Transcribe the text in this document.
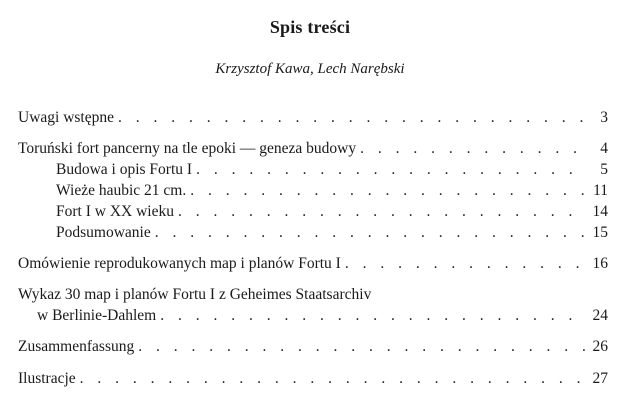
Spis treści
Krzysztof Kawa, Lech Narębski
Uwagi wstępne . . .	3
Toruński fort pancerny na tle epoki — geneza budowy . . .	4
Budowa i opis Fortu I . . .	5
Wieże haubic 21 cm. . . .	11
Fort I w XX wieku . . .	14
Podsumowanie . . .	15
Omówienie reprodukowanych map i planów Fortu I . . .	16
Wykaz 30 map i planów Fortu I z Geheimes Staatsarchiv
w Berlinie-Dahlem . . .	24
Zusammenfassung . . .	26
Ilustracje . . .	27
